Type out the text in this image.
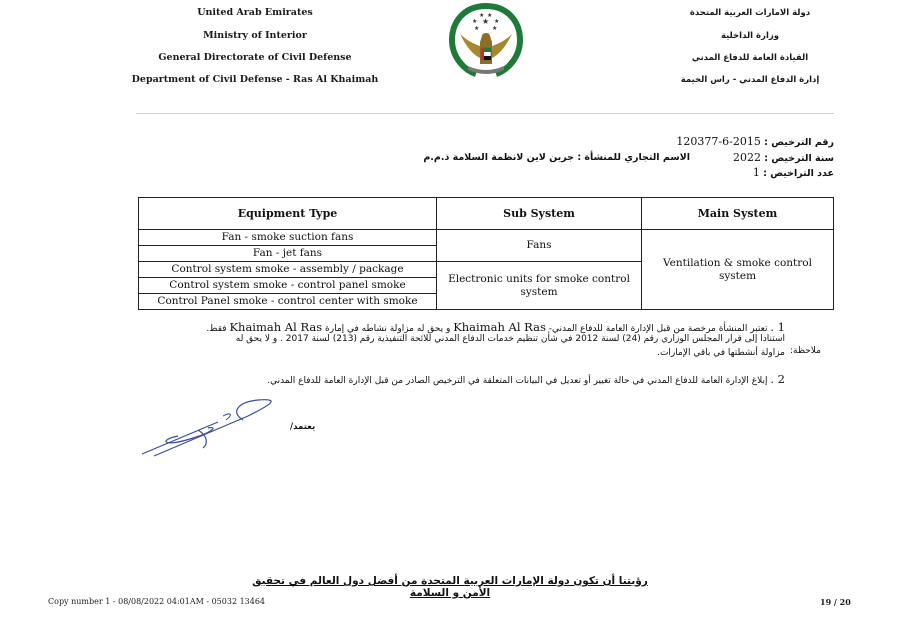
United Arab Emirates
Ministry of Interior
General Directorate of Civil Defense
Department of Civil Defense - Ras Al Khaimah
★ ★
★ ★ ★
★ ★
دولة الامارات العربية المتحدة
وزارة الداخلية
القيادة العامة للدفاع المدني
إدارة الدفاع المدني - راس الخيمة
رقم الترخيص : 120377-6-2015
سنة الترخيص : 2022
عدد التراخيص : 1
الاسم التجاري للمنشأة : جرين لاين لانظمة السلامة ذ.م.م
Equipment Type	Sub System	Main System
Fan - smoke suction fans	Fans	Ventilation & smoke control system
Fan - jet fans		
Control system smoke - assembly / package	Electronic units for smoke control system	
Control system smoke - control panel smoke		
Control Panel smoke - control center with smoke		
ملاحظة:
1 . تعتبر المنشأة مرخصة من قبل الإدارة العامة للدفاع المدني- Khaimah Al Ras و يحق له مزاولة نشاطه في إمارة Khaimah Al Ras فقط.
استنادا إلى قرار المجلس الوزاري رقم (24) لسنة 2012 في شأن تنظيم خدمات الدفاع المدني للائحة التنفيذية رقم (213) لسنة 2017 . و لا يحق له
مزاولة أنشطتها في باقي الإمارات.
2 . إبلاغ الإدارة العامة للدفاع المدني في حالة تغيير أو تعديل في البيانات المتعلقة في الترخيص الصادر من قبل الإدارة العامة للدفاع المدني.
يعتمد/
رؤيتنا أن تكون دولة الإمارات العربية المتحدة من أفضل دول العالم في تحقيق الأمن و السلامة
Copy number 1 - 08/08/2022 04:01AM - 05032 13464	19 / 20
